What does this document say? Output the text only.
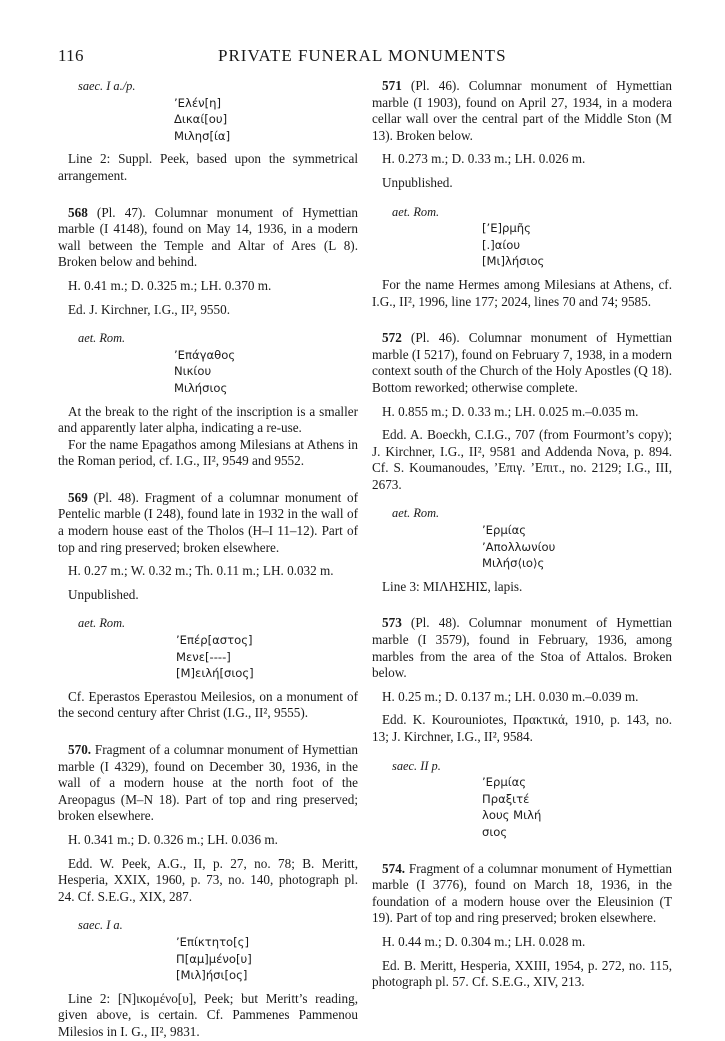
116	PRIVATE FUNERAL MONUMENTS

saec. I a./p.

’Ελέν[η]
Δικαί[ου]
Μιλησ[ία]

Line 2: Suppl. Peek, based upon the symmetrical arrangement.

568 (Pl. 47). Columnar monument of Hymettian marble (I 4148), found on May 14, 1936, in a modern wall between the Temple and Altar of Ares (L 8). Broken below and behind.

H. 0.41 m.; D. 0.325 m.; LH. 0.370 m.

Ed. J. Kirchner, I.G., II², 9550.

aet. Rom.

’Επάγαθος
Νικίου
Μιλήσιος

At the break to the right of the inscription is a smaller and apparently later alpha, indicating a re-use.

For the name Epagathos among Milesians at Athens in the Roman period, cf. I.G., II², 9549 and 9552.

569 (Pl. 48). Fragment of a columnar monument of Pentelic marble (I 248), found late in 1932 in the wall of a modern house east of the Tholos (H–I 11–12). Part of top and ring preserved; broken elsewhere.

H. 0.27 m.; W. 0.32 m.; Th. 0.11 m.; LH. 0.032 m.

Unpublished.

aet. Rom.

’Επέρ[αστος]
Μενε[----]
[Μ]ειλή[σιος]

Cf. Eperastos Eperastou Meilesios, on a monument of the second century after Christ (I.G., II², 9555).

570. Fragment of a columnar monument of Hymettian marble (I 4329), found on December 30, 1936, in the wall of a modern house at the north foot of the Areopagus (M–N 18). Part of top and ring preserved; broken elsewhere.

H. 0.341 m.; D. 0.326 m.; LH. 0.036 m.

Edd. W. Peek, A.G., II, p. 27, no. 78; B. Meritt, Hesperia, XXIX, 1960, p. 73, no. 140, photograph pl. 24. Cf. S.E.G., XIX, 287.

saec. I a.

’Επίκτητο[ς]
Π[αμ]μένο[υ]
[Μιλ]ήσι[ος]

Line 2: [Ν]ικομένο[υ], Peek; but Meritt’s reading, given above, is certain. Cf. Pammenes Pammenou Milesios in I. G., II², 9831.

571 (Pl. 46). Columnar monument of Hymettian marble (I 1903), found on April 27, 1934, in a modera cellar wall over the central part of the Middle Ston (M 13). Broken below.

H. 0.273 m.; D. 0.33 m.; LH. 0.026 m.

Unpublished.

aet. Rom.

[’Ε]ρμῆς
[.]αίου
[Μι]λήσιος

For the name Hermes among Milesians at Athens, cf. I.G., II², 1996, line 177; 2024, lines 70 and 74; 9585.

572 (Pl. 46). Columnar monument of Hymettian marble (I 5217), found on February 7, 1938, in a modern context south of the Church of the Holy Apostles (Q 18). Bottom reworked; otherwise complete.

H. 0.855 m.; D. 0.33 m.; LH. 0.025 m.–0.035 m.

Edd. A. Boeckh, C.I.G., 707 (from Fourmont’s copy); J. Kirchner, I.G., II², 9581 and Addenda Nova, p. 894. Cf. S. Koumanoudes, ’Επιγ. ’Επιτ., no. 2129; I.G., III, 2673.

aet. Rom.

’Ερμίας
’Απολλωνίου
Μιλήσ⟨ιο⟩ς

Line 3: ΜΙΛΗΣΗΙΣ, lapis.

573 (Pl. 48). Columnar monument of Hymettian marble (I 3579), found in February, 1936, among marbles from the area of the Stoa of Attalos. Broken below.

H. 0.25 m.; D. 0.137 m.; LH. 0.030 m.–0.039 m.

Edd. K. Kourouniotes, Πρακτικά, 1910, p. 143, no. 13; J. Kirchner, I.G., II², 9584.

saec. II p.

’Ερμίας
Πραξιτέ
λους Μιλή
σιος

574. Fragment of a columnar monument of Hymettian marble (I 3776), found on March 18, 1936, in the foundation of a modern house over the Eleusinion (T 19). Part of top and ring preserved; broken elsewhere.

H. 0.44 m.; D. 0.304 m.; LH. 0.028 m.

Ed. B. Meritt, Hesperia, XXIII, 1954, p. 272, no. 115, photograph pl. 57. Cf. S.E.G., XIV, 213.
